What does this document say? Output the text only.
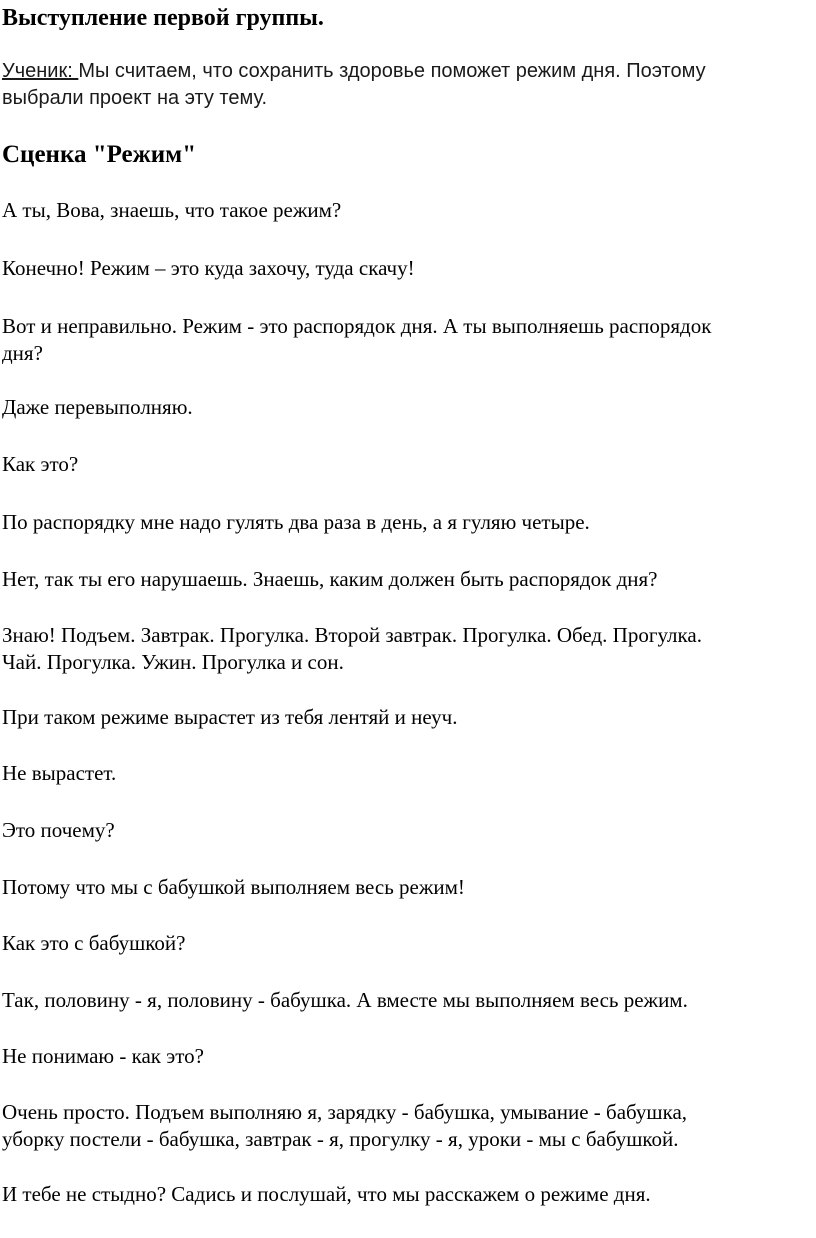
Выступление первой группы.
Ученик: Мы считаем, что сохранить здоровье поможет режим дня. Поэтому
выбрали проект на эту тему.
Сценка "Режим"
А ты, Вова, знаешь, что такое режим?
Конечно! Режим – это куда захочу, туда скачу!
Вот и неправильно. Режим - это распорядок дня. А ты выполняешь распорядок
дня?
Даже перевыполняю.
Как это?
По распорядку мне надо гулять два раза в день, а я гуляю четыре.
Нет, так ты его нарушаешь. Знаешь, каким должен быть распорядок дня?
Знаю! Подъем. Завтрак. Прогулка. Второй завтрак. Прогулка. Обед. Прогулка.
Чай. Прогулка. Ужин. Прогулка и сон.
При таком режиме вырастет из тебя лентяй и неуч.
Не вырастет.
Это почему?
Потому что мы с бабушкой выполняем весь режим!
Как это с бабушкой?
Так, половину - я, половину - бабушка. А вместе мы выполняем весь режим.
Не понимаю - как это?
Очень просто. Подъем выполняю я, зарядку - бабушка, умывание - бабушка,
уборку постели - бабушка, завтрак - я, прогулку - я, уроки - мы с бабушкой.
И тебе не стыдно? Садись и послушай, что мы расскажем о режиме дня.
